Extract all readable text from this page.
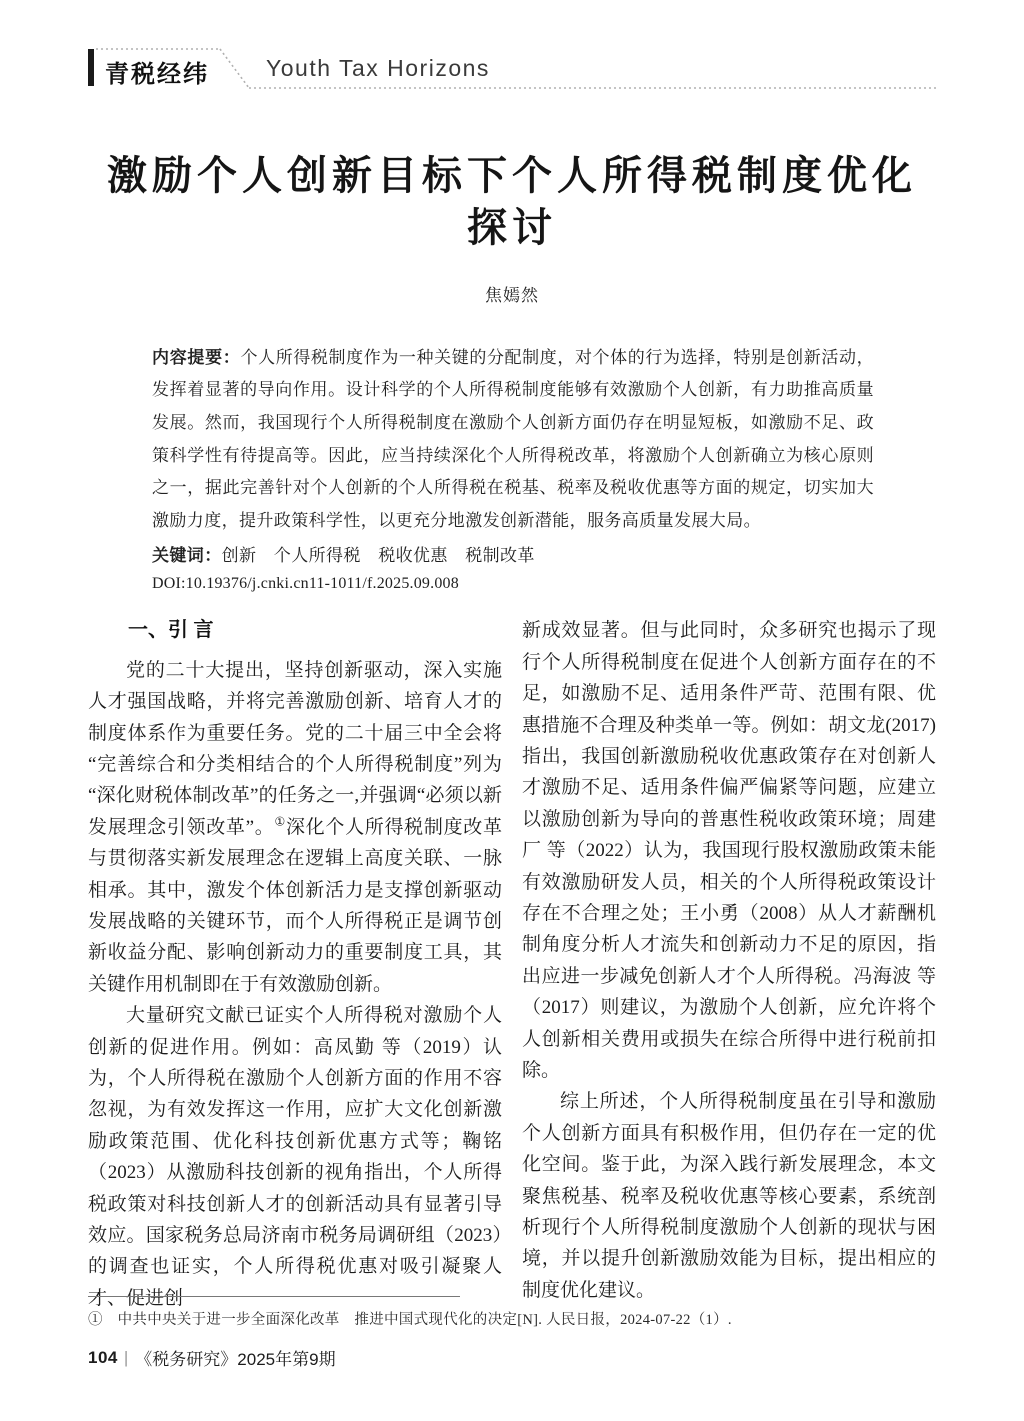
青税经纬 Youth Tax Horizons
激励个人创新目标下个人所得税制度优化探讨
焦嫣然
内容提要：个人所得税制度作为一种关键的分配制度，对个体的行为选择，特别是创新活动，发挥着显著的导向作用。设计科学的个人所得税制度能够有效激励个人创新，有力助推高质量发展。然而，我国现行个人所得税制度在激励个人创新方面仍存在明显短板，如激励不足、政策科学性有待提高等。因此，应当持续深化个人所得税改革，将激励个人创新确立为核心原则之一，据此完善针对个人创新的个人所得税在税基、税率及税收优惠等方面的规定，切实加大激励力度，提升政策科学性，以更充分地激发创新潜能，服务高质量发展大局。
关键词：创新　个人所得税　税收优惠　税制改革
DOI:10.19376/j.cnki.cn11-1011/f.2025.09.008
一、引 言

党的二十大提出，坚持创新驱动，深入实施人才强国战略，并将完善激励创新、培育人才的制度体系作为重要任务。党的二十届三中全会将“完善综合和分类相结合的个人所得税制度”列为“深化财税体制改革”的任务之一,并强调“必须以新发展理念引领改革”。①深化个人所得税制度改革与贯彻落实新发展理念在逻辑上高度关联、一脉相承。其中，激发个体创新活力是支撑创新驱动发展战略的关键环节，而个人所得税正是调节创新收益分配、影响创新动力的重要制度工具，其关键作用机制即在于有效激励创新。

大量研究文献已证实个人所得税对激励个人创新的促进作用。例如：高凤勤 等（2019）认为，个人所得税在激励个人创新方面的作用不容忽视，为有效发挥这一作用，应扩大文化创新激励政策范围、优化科技创新优惠方式等；鞠铭（2023）从激励科技创新的视角指出，个人所得税政策对科技创新人才的创新活动具有显著引导效应。国家税务总局济南市税务局调研组（2023）的调查也证实，个人所得税优惠对吸引凝聚人才、促进创

新成效显著。但与此同时，众多研究也揭示了现行个人所得税制度在促进个人创新方面存在的不足，如激励不足、适用条件严苛、范围有限、优惠措施不合理及种类单一等。例如：胡文龙(2017)指出，我国创新激励税收优惠政策存在对创新人才激励不足、适用条件偏严偏紧等问题，应建立以激励创新为导向的普惠性税收政策环境；周建厂 等（2022）认为，我国现行股权激励政策未能有效激励研发人员，相关的个人所得税政策设计存在不合理之处；王小勇（2008）从人才薪酬机制角度分析人才流失和创新动力不足的原因，指出应进一步减免创新人才个人所得税。冯海波 等（2017）则建议，为激励个人创新，应允许将个人创新相关费用或损失在综合所得中进行税前扣除。

综上所述，个人所得税制度虽在引导和激励个人创新方面具有积极作用，但仍存在一定的优化空间。鉴于此，为深入践行新发展理念，本文聚焦税基、税率及税收优惠等核心要素，系统剖析现行个人所得税制度激励个人创新的现状与困境，并以提升创新激励效能为目标，提出相应的制度优化建议。

①　中共中央关于进一步全面深化改革　推进中国式现代化的决定[N]. 人民日报，2024-07-22（1）.
104 | 《税务研究》2025年第9期
